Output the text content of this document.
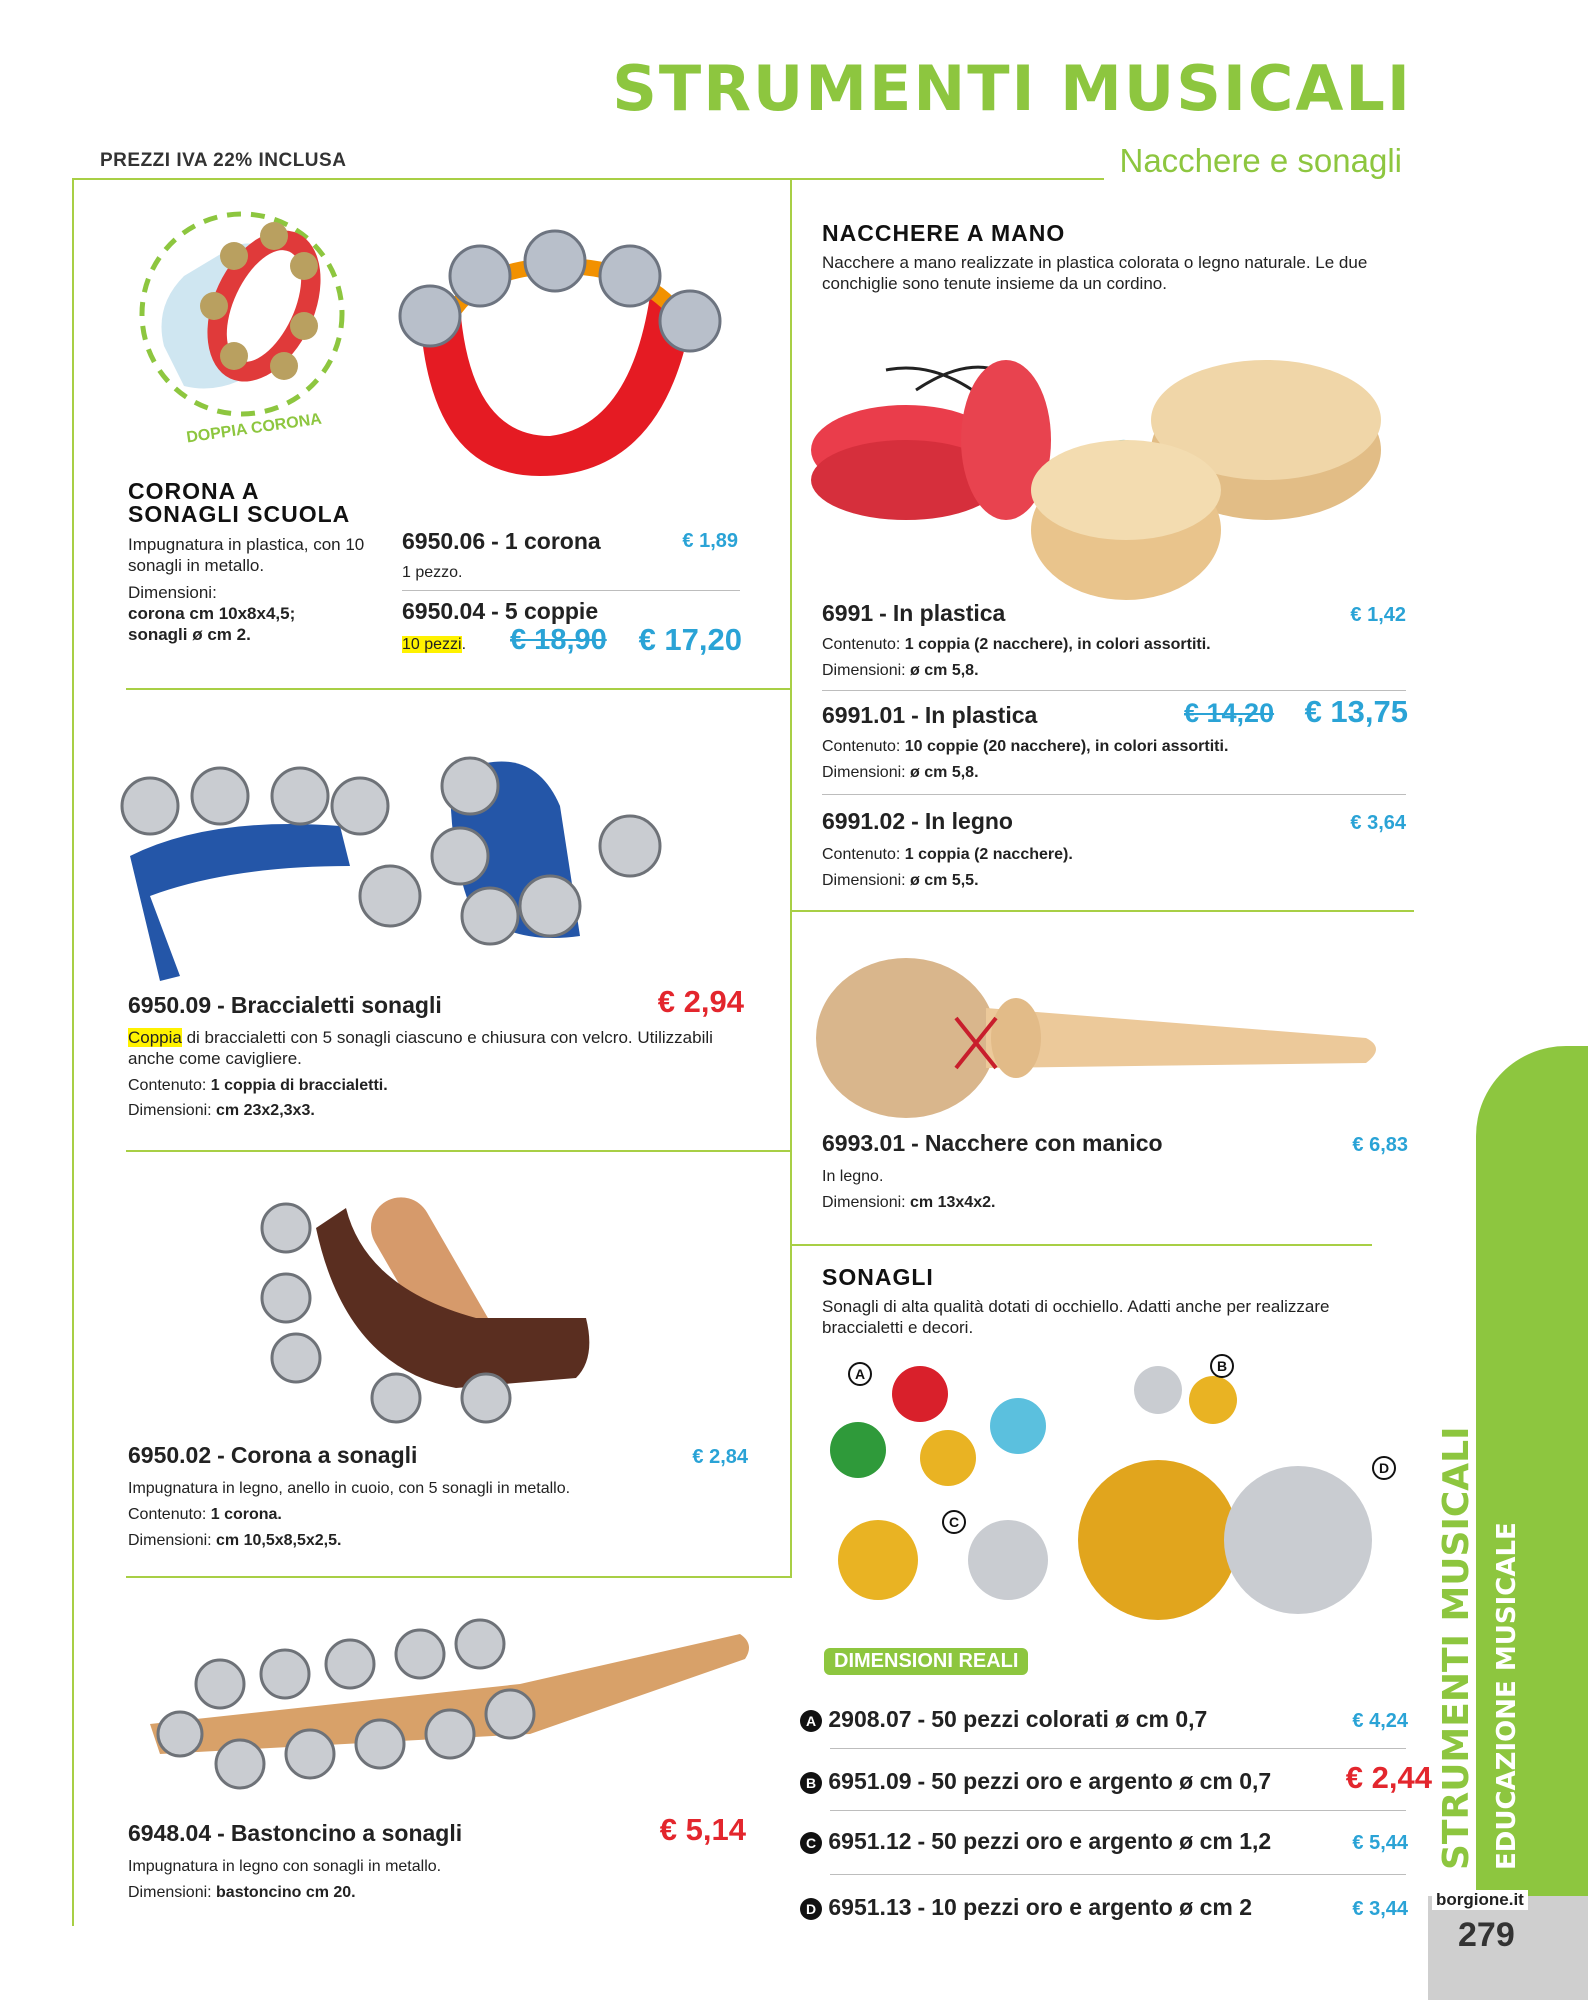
STRUMENTI MUSICALI
PREZZI IVA 22% INCLUSA	Nacchere e sonagli
DOPPIA CORONA
CORONA A
SONAGLI SCUOLA
Impugnatura in plastica, con 10 sonagli in metallo.
Dimensioni:
corona cm 10x8x4,5;
sonagli ø cm 2.
6950.06 - 1 corona	€ 1,89
1 pezzo.
6950.04 - 5 coppie
10 pezzi. € 18,90 € 17,20
6950.09 - Braccialetti sonagli	€ 2,94
Coppia di braccialetti con 5 sonagli ciascuno e chiusura con velcro. Utilizzabili anche come cavigliere.
Contenuto: 1 coppia di braccialetti.
Dimensioni: cm 23x2,3x3.
6950.02 - Corona a sonagli	€ 2,84
Impugnatura in legno, anello in cuoio, con 5 sonagli in metallo.
Contenuto: 1 corona.
Dimensioni: cm 10,5x8,5x2,5.
6948.04 - Bastoncino a sonagli	€ 5,14
Impugnatura in legno con sonagli in metallo.
Dimensioni: bastoncino cm 20.
NACCHERE A MANO
Nacchere a mano realizzate in plastica colorata o legno naturale. Le due conchiglie sono tenute insieme da un cordino.
6991 - In plastica	€ 1,42
Contenuto: 1 coppia (2 nacchere), in colori assortiti.
Dimensioni: ø cm 5,8.
6991.01 - In plastica	€ 14,20 € 13,75
Contenuto: 10 coppie (20 nacchere), in colori assortiti.
Dimensioni: ø cm 5,8.
6991.02 - In legno	€ 3,64
Contenuto: 1 coppia (2 nacchere).
Dimensioni: ø cm 5,5.
6993.01 - Nacchere con manico	€ 6,83
In legno.
Dimensioni: cm 13x4x2.
SONAGLI
Sonagli di alta qualità dotati di occhiello. Adatti anche per realizzare braccialetti e decori.
A	B
C
D
DIMENSIONI REALI
A 2908.07 - 50 pezzi colorati ø cm 0,7	€ 4,24
B 6951.09 - 50 pezzi oro e argento ø cm 0,7 € 2,44
C 6951.12 - 50 pezzi oro e argento ø cm 1,2	€ 5,44
D 6951.13 - 10 pezzi oro e argento ø cm 2	€ 3,44
EDUCAZIONE MUSICALE
STRUMENTI MUSICALI
borgione.it
279
